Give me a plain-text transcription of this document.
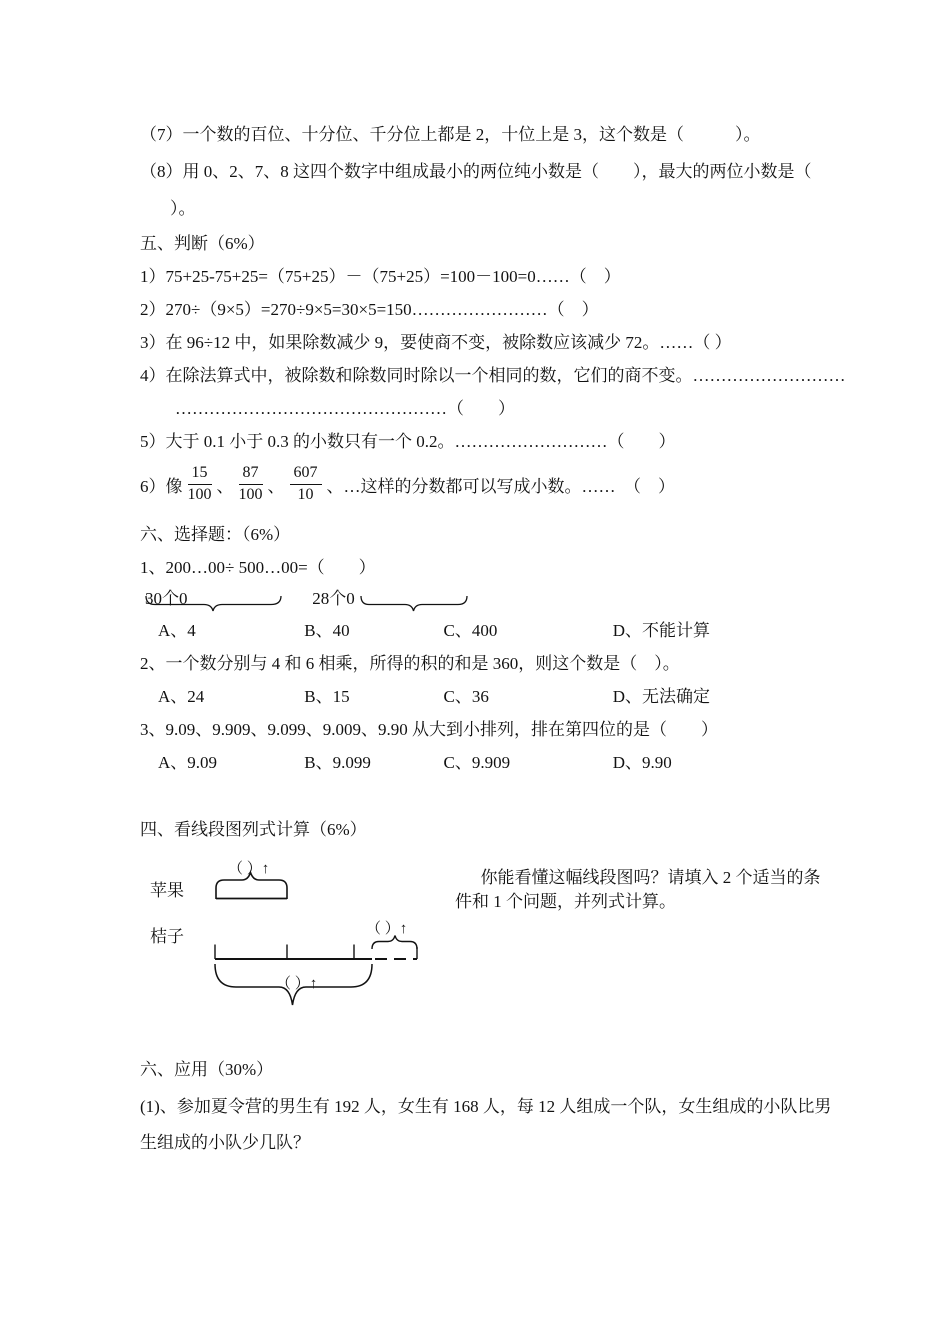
（7）一个数的百位、十分位、千分位上都是 2，十位上是 3，这个数是（　　　）。

（8）用 0、2、7、8 这四个数字中组成最小的两位纯小数是（　　），最大的两位小数是（

）。

五、判断（6%）

1）75+25-75+25=（75+25）－（75+25）=100－100=0……（　）

2）270÷（9×5）=270÷9×5=30×5=150……………………（　）

3）在 96÷12 中，如果除数减少 9，要使商不变，被除数应该减少 72。……（ ）

4）在除法算式中，被除数和除数同时除以一个相同的数，它们的商不变。………………………

…………………………………………（　　）

5）大于 0.1 小于 0.3 的小数只有一个 0.2。………………………（　　）

6）像 $\frac{15}{100}$ 、 $\frac{87}{100}$ 、 $\frac{607}{10}$ 、 …这样的分数都可以写成小数。……　（　）
六、选择题：（6%）

1、200…00÷ 500…00=（　　）

30个0	28个0
A、4	B、40	C、400	D、不能计算

2、一个数分别与 4 和 6 相乘，所得的积的和是 360，则这个数是（　）。

A、24	B、15	C、36	D、无法确定

3、9.09、9.909、9.099、9.009、9.90 从大到小排列，排在第四位的是（　　）

A、9.09	B、9.099	C、9.909	D、9.90
四、看线段图列式计算（6%）
（ ）↑
苹果
（ ）↑
桔子
（ ）↑

你能看懂这幅线段图吗？请填入 2 个适当的条件和 1 个问题，并列式计算。

六、应用（30%）

(1)、参加夏令营的男生有 192 人，女生有 168 人，每 12 人组成一个队，女生组成的小队比男生组成的小队少几队？
